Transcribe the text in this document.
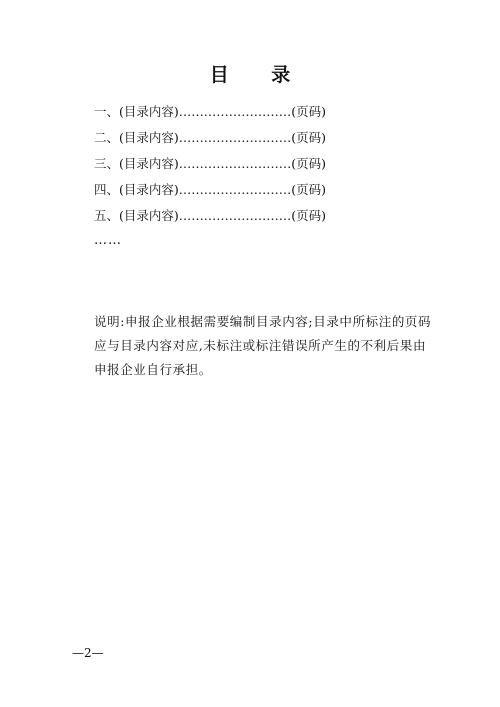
目 录
一、(目录内容)………………………(页码)
二、(目录内容)………………………(页码)
三、(目录内容)………………………(页码)
四、(目录内容)………………………(页码)
五、(目录内容)………………………(页码)
……
说明:申报企业根据需要编制目录内容;目录中所标注的页码应与目录内容对应,未标注或标注错误所产生的不利后果由申报企业自行承担。
—2—
